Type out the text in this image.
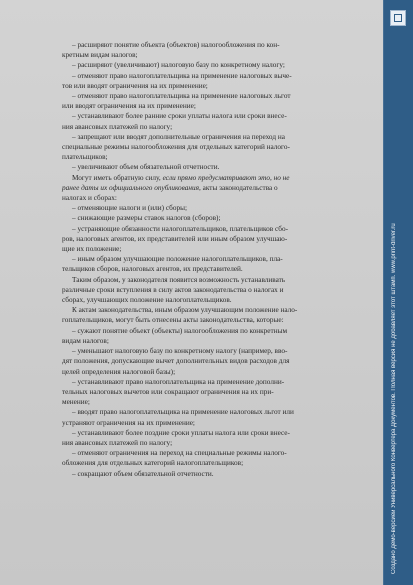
– расширяют понятие объекта (объектов) налогообложения по кон-
кретным видам налогов;
– расширяют (увеличивают) налоговую базу по конкретному налогу;
– отменяют право налогоплательщика на применение налоговых выче-
тов или вводят ограничения на их применение;
– отменяют право налогоплательщика на применение налоговых льгот
или вводят ограничения на их применение;
– устанавливают более ранние сроки уплаты налога или сроки внесе-
ния авансовых платежей по налогу;
– запрещают или вводят дополнительные ограничения на переход на
специальные режимы налогообложения для отдельных категорий налого-
плательщиков;
– увеличивают объем обязательной отчетности.
Могут иметь обратную силу, если прямо предусматривают это, но не
ранее даты их официального опубликования, акты законодательства о
налогах и сборах:
– отменяющие налоги и (или) сборы;
– снижающие размеры ставок налогов (сборов);
– устраняющие обязанности налогоплательщиков, плательщиков сбо-
ров, налоговых агентов, их представителей или иным образом улучшаю-
щие их положение;
– иным образом улучшающие положение налогоплательщиков, пла-
тельщиков сборов, налоговых агентов, их представителей.
Таким образом, у законодателя появится возможность устанавливать
различные сроки вступления в силу актов законодательства о налогах и
сборах, улучшающих положение налогоплательщиков.
К актам законодательства, иным образом улучшающим положение нало-
гоплательщиков, могут быть отнесены акты законодательства, которые:
– сужают понятие объект (объекты) налогообложения по конкретным
видам налогов;
– уменьшают налоговую базу по конкретному налогу (например, вво-
дят положения, допускающие вычет дополнительных видов расходов для
целей определения налоговой базы);
– устанавливают право налогоплательщика на применение дополни-
тельных налоговых вычетов или сокращают ограничения на их при-
менение;
– вводят право налогоплательщика на применение налоговых льгот или
устраняют ограничения на их применение;
– устанавливают более поздние сроки уплаты налога или сроки внесе-
ния авансовых платежей по налогу;
– отменяют ограничения на переход на специальные режимы налого-
обложения для отдельных категорий налогоплательщиков;
– сокращают объем обязательной отчетности.	Создано демо-версией Универсального Конвертера Документов. Полная версия не добавляет этот штамп. www.print-driver.ru
